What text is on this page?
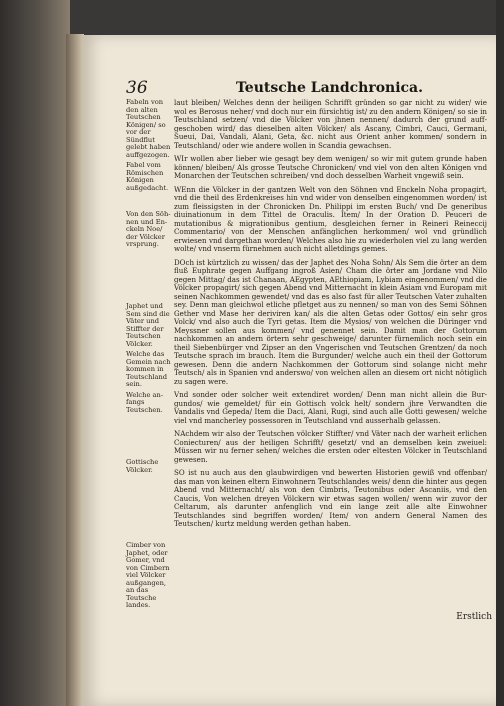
36	Teutsche Landchronica.
Fabeln von den alten Teutschen Königen/ so vor der Sündflut gelebt haben auffgezogen.
Fabel vom Römischen Königen außgedacht.
Von den Söhnen und Enckeln Noe/ der Völcker vrsprung.
Japhet und Sem sind die Väter und Stiffter der Teutschen Völcker.
Welche das Gemein nach kommen in Teutschland sein.
Welche anfangs Teutschen.
Gottische Völcker.
Cimber von Japhet, oder Gomer, vnd von Cimbern viel Völcker außgangen, an das Teutsche landes.

laut bleiben/ Welches denn der heiligen Schrifft gründen so gar nicht zu wider/ wie wol es Berosus neher/ vnd doch nur ein fürsichtig ist/ zu den andern Königen/ so sie in Teutschland setzen/ vnd die Völcker von jhnen nennen/ dadurch der grund auffgeschoben wird/ das dieselben alten Völcker/ als Ascany, Cimbri, Cauci, Germani, Sueui, Dai, Vandali, Alani, Geta, &c. nicht aus Orient anher kommen/ sondern in Teutschland/ oder wie andere wollen in Scandia gewachsen.

WIr wollen aber lieber wie gesagt bey dem wenigen/ so wir mit gutem grunde haben können/ bleiben/ Als grosse Teutsche Chronicken/ vnd viel von den alten Königen vnd Monarchen der Teutschen schreiben/ vnd doch desselben Warheit vngewiß sein.

WEnn die Völcker in der gantzen Welt von den Söhnen vnd Enckeln Noha propagirt, vnd die theil des Erdenkreises hin vnd wider von denselben eingenommen worden/ ist zum fleissigsten in der Chronicken Dn. Philippi im ersten Buch/ vnd De generibus diuinationum in dem Tittel de Oraculis. Item/ In der Oration D. Peuceri de mutationibus & migrationibus gentium, desgleichen ferner in Reineri Reineccij Commentario/ von der Menschen anfänglichen herkommen/ wol vnd gründlich erwiesen vnd dargethan worden/ Welches also hie zu wiederholen viel zu lang werden wolte/ vnd vnserm fürnehmen auch nicht alletdings gemes.

DOch ist kürtzlich zu wissen/ das der Japhet des Noha Sohn/ Als Sem die örter an dem fluß Euphrate gegen Auffgang ingroß Asien/ Cham die örter am Jordane vnd Nilo gegen Mittag/ das ist Chanaan, AEgypten, AEthiopiam, Lybiam eingenommen/ vnd die Völcker propagirt/ sich gegen Abend vnd Mitternacht in klein Asiam vnd Europam mit seinen Nachkommen gewendet/ vnd das es also fast für aller Teutschen Vater zuhalten sey. Denn man gleichwol etliche pfletget aus zu nennen/ so man von des Semi Söhnen Gether vnd Mase her deriviren kan/ als die alten Getas oder Gottos/ ein sehr gros Volck/ vnd also auch die Tyri getas. Item die Mysios/ von welchen die Düringer vnd Meyssner sollen aus kommen/ vnd genennet sein. Damit man der Gottorum nachkommen an andern örtern sehr geschweige/ darunter fürnemlich noch sein ein theil Siebenbürger vnd Zipser an den Vngerischen vnd Teutschen Grentzen/ da noch Teutsche sprach im brauch. Item die Burgunder/ welche auch ein theil der Gottorum gewesen. Denn die andern Nachkommen der Gottorum sind solange nicht mehr Teutsch/ als in Spanien vnd anderswo/ von welchen allen an diesem ort nicht nötiglich zu sagen were.

Vnd sonder oder solcher weit extendiret worden/ Denn man nicht allein die Burgundos/ wie gemeldet/ für ein Gottisch volck helt/ sondern jhre Verwandten die Vandalis vnd Gepeda/ Item die Daci, Alani, Rugi, sind auch alle Gotti gewesen/ welche viel vnd mancherley possessoren in Teutschland vnd ausserhalb gelassen.

NAchdem wir also der Teutschen völcker Stiffter/ vnd Väter nach der warheit erlichen Coniecturen/ aus der heiligen Schrifft/ gesetzt/ vnd an demselben kein zweiuel: Müssen wir nu ferner sehen/ welches die ersten oder eltesten Völcker in Teutschland gewesen.

SO ist nu auch aus den glaubwirdigen vnd bewerten Historien gewiß vnd offenbar/ das man von keinen eltern Einwohnern Teutschlandes weis/ denn die hinter aus gegen Abend vnd Mitternacht/ als von den Cimbris, Teutonibus oder Ascaniis, vnd den Caucis, Von welchen dreyen Völckern wir etwas sagen wollen/ wenn wir zuvor der Celtarum, als darunter anfenglich vnd ein lange zeit alle alte Einwohner Teutschlandes sind begriffen worden/ Item/ von andern General Namen des Teutschen/ kurtz meldung werden gethan haben.

Erstlich
